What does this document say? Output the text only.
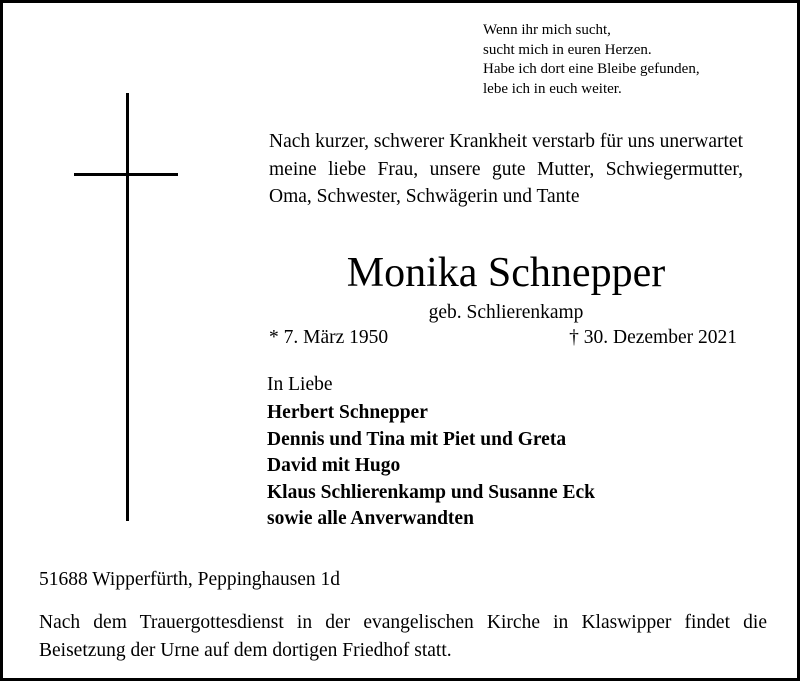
Wenn ihr mich sucht,
sucht mich in euren Herzen.
Habe ich dort eine Bleibe gefunden,
lebe ich in euch weiter.
Nach kurzer, schwerer Krankheit verstarb für uns unerwartet meine liebe Frau, unsere gute Mutter, Schwiegermutter, Oma, Schwester, Schwägerin und Tante
Monika Schnepper
geb. Schlierenkamp
* 7. März 1950	† 30. Dezember 2021
In Liebe
Herbert Schnepper
Dennis und Tina mit Piet und Greta
David mit Hugo
Klaus Schlierenkamp und Susanne Eck
sowie alle Anverwandten
51688 Wipperfürth, Peppinghausen 1d
Nach dem Trauergottesdienst in der evangelischen Kirche in Klaswipper findet die Beisetzung der Urne auf dem dortigen Friedhof statt.
